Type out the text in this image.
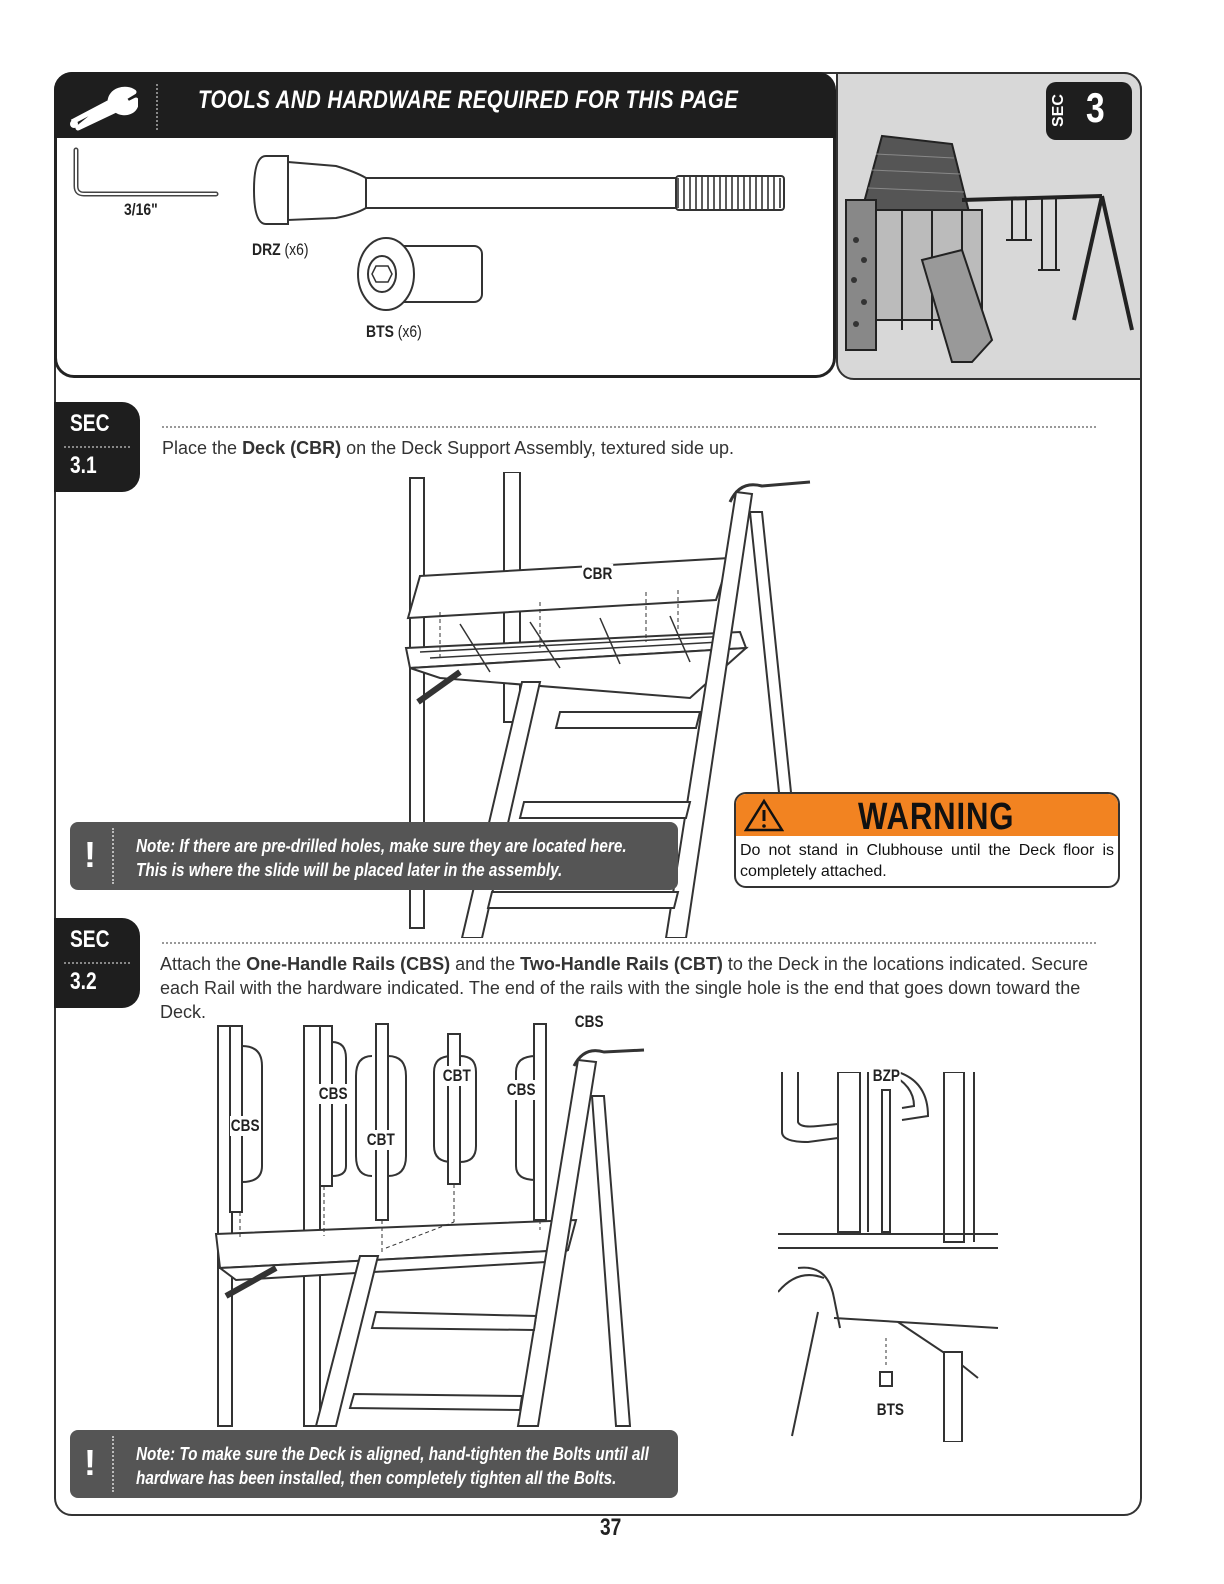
TOOLS AND HARDWARE REQUIRED FOR THIS PAGE
3/16"
DRZ (x6)
BTS (x6)
SEC 3
SEC
3.1
Place the Deck (CBR) on the Deck Support Assembly, textured side up.
CBR
! Note: If there are pre-drilled holes, make sure they are located here.
This is where the slide will be placed later in the assembly.
WARNING
Do not stand in Clubhouse until the Deck floor is completely attached.
SEC
3.2
Attach the One-Handle Rails (CBS) and the Two-Handle Rails (CBT) to the Deck in the locations indicated. Secure each Rail with the hardware indicated. The end of the rails with the single hole is the end that goes down toward the Deck.	CBS
CBS
CBT
CBT
CBS
CBS
BZP
BTS
! Note: To make sure the Deck is aligned, hand-tighten the Bolts until all
hardware has been installed, then completely tighten all the Bolts.
37
